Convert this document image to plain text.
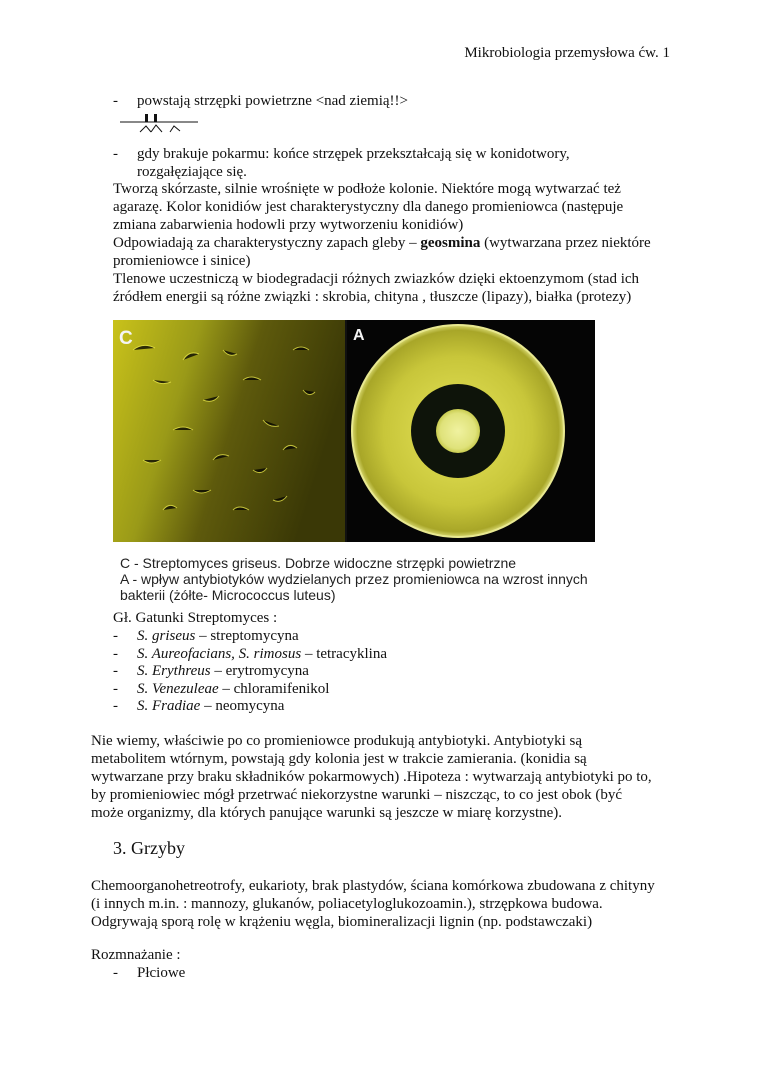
Mikrobiologia przemysłowa ćw. 1
- powstają strzępki powietrzne <nad ziemią!!>
- gdy brakuje pokarmu: końce strzępek przekształcają się w konidotwory,
rozgałęziające się.
Tworzą skórzaste, silnie wrośnięte w podłoże kolonie. Niektóre mogą wytwarzać też
agarazę. Kolor konidiów jest charakterystyczny dla danego promieniowca (następuje
zmiana zabarwienia hodowli przy wytworzeniu konidiów)
Odpowiadają za charakterystyczny zapach gleby – geosmina (wytwarzana przez niektóre
promieniowce i sinice)
Tlenowe uczestniczą w biodegradacji różnych zwiazków dzięki ektoenzymom (stad ich
źródłem energii są różne związki : skrobia, chityna , tłuszcze (lipazy), białka (protezy)
C	A
C - Streptomyces griseus. Dobrze widoczne strzępki powietrzne
A - wpływ antybiotyków wydzielanych przez promieniowca na wzrost innych
bakterii (żółte- Micrococcus luteus)
Gł. Gatunki Streptomyces :
- S. griseus – streptomycyna
- S. Aureofacians, S. rimosus – tetracyklina
- S. Erythreus – erytromycyna
- S. Venezuleae – chloramifenikol
- S. Fradiae – neomycyna
Nie wiemy, właściwie po co promieniowce produkują antybiotyki. Antybiotyki są
metabolitem wtórnym, powstają gdy kolonia jest w trakcie zamierania. (konidia są
wytwarzane przy braku składników pokarmowych) .Hipoteza : wytwarzają antybiotyki po to,
by promieniowiec mógł przetrwać niekorzystne warunki – niszcząc, to co jest obok (być
może organizmy, dla których panujące warunki są jeszcze w miarę korzystne).
3. Grzyby
Chemoorganohetreotrofy, eukarioty, brak plastydów, ściana komórkowa zbudowana z chityny
(i innych m.in. : mannozy, glukanów, poliacetyloglukozoamin.), strzępkowa budowa.
Odgrywają sporą rolę w krążeniu węgla, biomineralizacji lignin (np. podstawczaki)
Rozmnażanie :
- Płciowe
